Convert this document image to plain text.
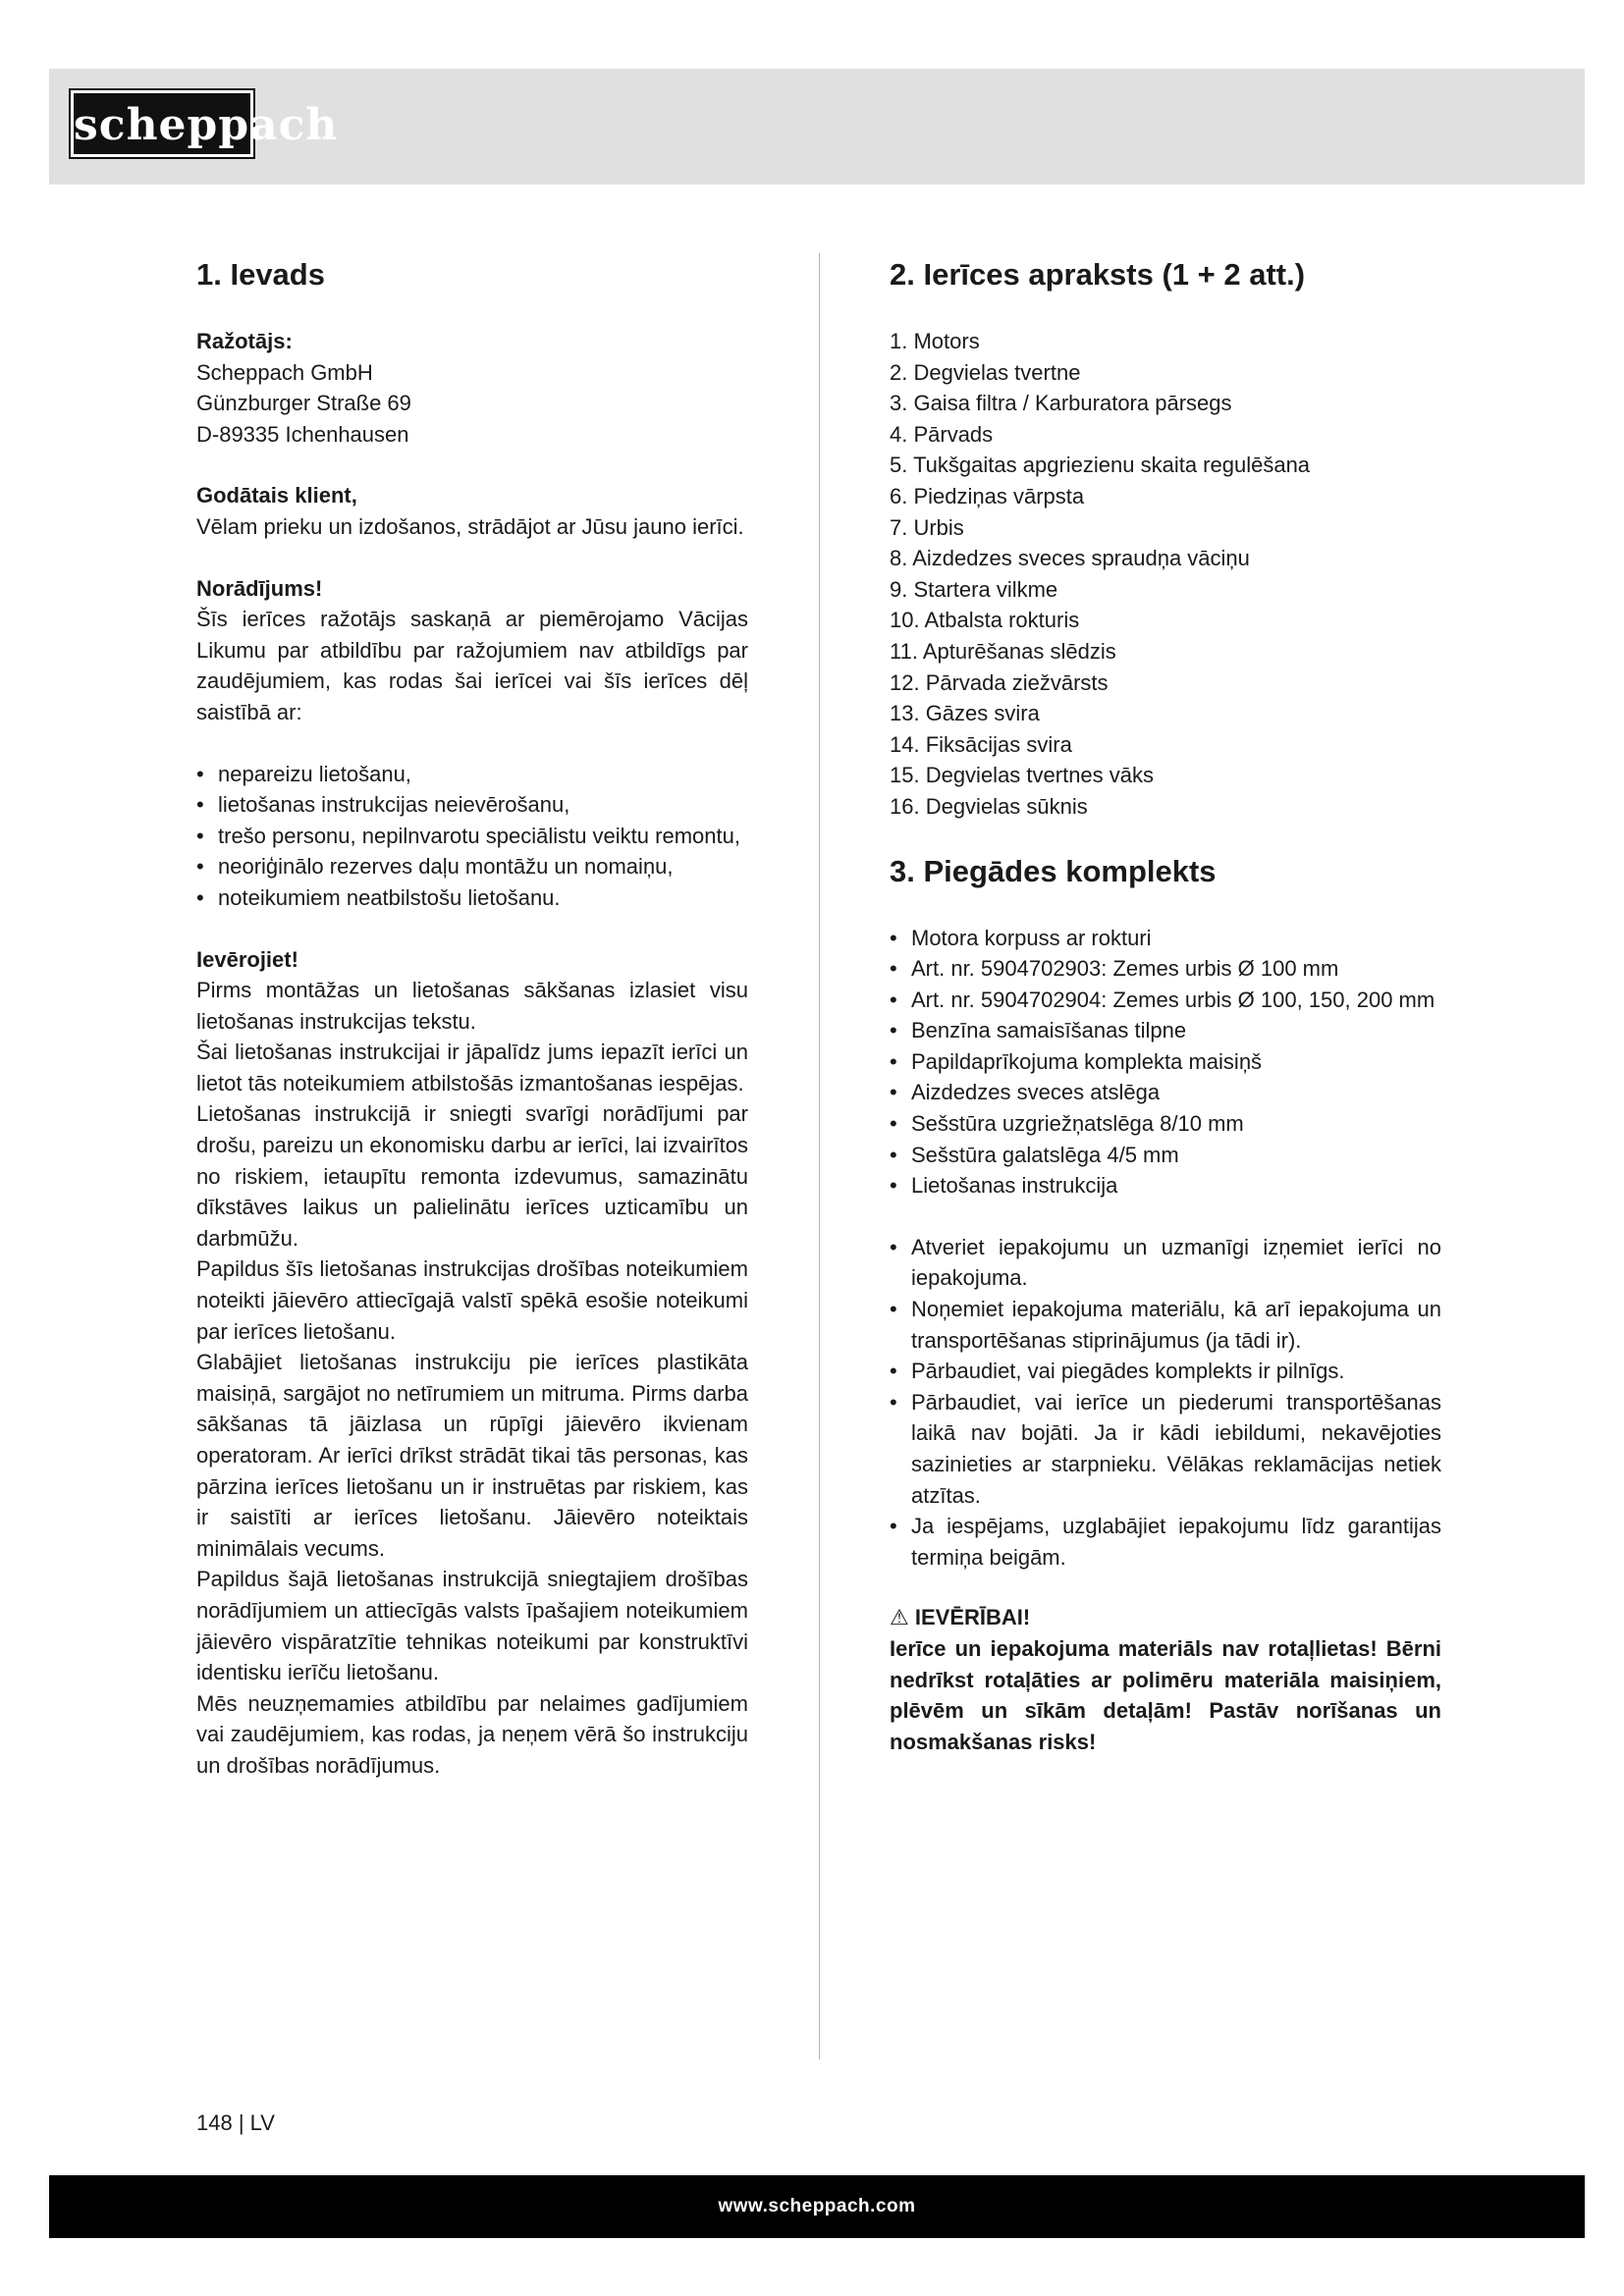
scheppach
1. Ievads

Ražotājs:

Scheppach GmbH

Günzburger Straße 69

D-89335 Ichenhausen

Godātais klient,

Vēlam prieku un izdošanos, strādājot ar Jūsu jauno ierīci.

Norādījums!

Šīs ierīces ražotājs saskaņā ar piemērojamo Vācijas Likumu par atbildību par ražojumiem nav atbildīgs par zaudējumiem, kas rodas šai ierīcei vai šīs ierīces dēļ saistībā ar:

• nepareizu lietošanu,
• lietošanas instrukcijas neievērošanu,
• trešo personu, nepilnvarotu speciālistu veiktu remontu,
• neoriģinālo rezerves daļu montāžu un nomaiņu,
• noteikumiem neatbilstošu lietošanu.

Ievērojiet!

Pirms montāžas un lietošanas sākšanas izlasiet visu lietošanas instrukcijas tekstu.

Šai lietošanas instrukcijai ir jāpalīdz jums iepazīt ierīci un lietot tās noteikumiem atbilstošās izmantošanas iespējas.

Lietošanas instrukcijā ir sniegti svarīgi norādījumi par drošu, pareizu un ekonomisku darbu ar ierīci, lai izvairītos no riskiem, ietaupītu remonta izdevumus, samazinātu dīkstāves laikus un palielinātu ierīces uzticamību un darbmūžu.

Papildus šīs lietošanas instrukcijas drošības noteikumiem noteikti jāievēro attiecīgajā valstī spēkā esošie noteikumi par ierīces lietošanu.

Glabājiet lietošanas instrukciju pie ierīces plastikāta maisiņā, sargājot no netīrumiem un mitruma. Pirms darba sākšanas tā jāizlasa un rūpīgi jāievēro ikvienam operatoram. Ar ierīci drīkst strādāt tikai tās personas, kas pārzina ierīces lietošanu un ir instruētas par riskiem, kas ir saistīti ar ierīces lietošanu. Jāievēro noteiktais minimālais vecums.

Papildus šajā lietošanas instrukcijā sniegtajiem drošības norādījumiem un attiecīgās valsts īpašajiem noteikumiem jāievēro vispāratzītie tehnikas noteikumi par konstruktīvi identisku ierīču lietošanu.

Mēs neuzņemamies atbildību par nelaimes gadījumiem vai zaudējumiem, kas rodas, ja neņem vērā šo instrukciju un drošības norādījumus.

2. Ierīces apraksts (1 + 2 att.)
1. Motors
2. Degvielas tvertne
3. Gaisa filtra / Karburatora pārsegs
4. Pārvads
5. Tukšgaitas apgriezienu skaita regulēšana
6. Piedziņas vārpsta
7. Urbis
8. Aizdedzes sveces spraudņa vāciņu
9. Startera vilkme
10. Atbalsta rokturis
11. Apturēšanas slēdzis
12. Pārvada ziežvārsts
13. Gāzes svira
14. Fiksācijas svira
15. Degvielas tvertnes vāks
16. Degvielas sūknis
3. Piegādes komplekts
• Motora korpuss ar rokturi
• Art. nr. 5904702903: Zemes urbis Ø 100 mm
• Art. nr. 5904702904: Zemes urbis Ø 100, 150, 200 mm
• Benzīna samaisīšanas tilpne
• Papildaprīkojuma komplekta maisiņš
• Aizdedzes sveces atslēga
• Sešstūra uzgriežņatslēga 8/10 mm
• Sešstūra galatslēga 4/5 mm
• Lietošanas instrukcija
• Atveriet iepakojumu un uzmanīgi izņemiet ierīci no iepakojuma.
• Noņemiet iepakojuma materiālu, kā arī iepakojuma un transportēšanas stiprinājumus (ja tādi ir).
• Pārbaudiet, vai piegādes komplekts ir pilnīgs.
• Pārbaudiet, vai ierīce un piederumi transportēšanas laikā nav bojāti. Ja ir kādi iebildumi, nekavējoties sazinieties ar starpnieku. Vēlākas reklamācijas netiek atzītas.
• Ja iespējams, uzglabājiet iepakojumu līdz garantijas termiņa beigām.

⚠ IEVĒRĪBAI!

Ierīce un iepakojuma materiāls nav rotaļlietas! Bērni nedrīkst rotaļāties ar polimēru materiāla maisiņiem, plēvēm un sīkām detaļām! Pastāv norīšanas un nosmakšanas risks!

148 | LV
www.scheppach.com
